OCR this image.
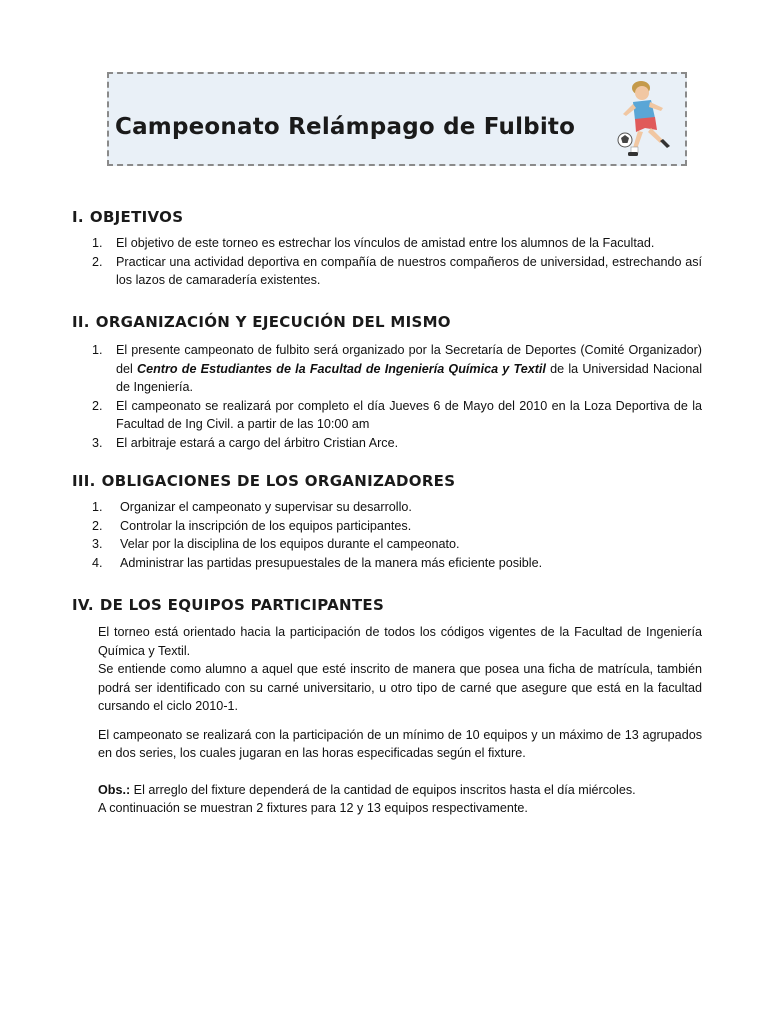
Campeonato Relámpago de Fulbito
I. OBJETIVOS
1. El objetivo de este torneo es estrechar los vínculos de amistad entre los alumnos de la Facultad.
2. Practicar una actividad deportiva en compañía de nuestros compañeros de universidad, estrechando así los lazos de camaradería existentes.
II. ORGANIZACIÓN Y EJECUCIÓN DEL MISMO
1. El presente campeonato de fulbito será organizado por la Secretaría de Deportes (Comité Organizador) del Centro de Estudiantes de la Facultad de Ingeniería Química y Textil de la Universidad Nacional de Ingeniería.
2. El campeonato se realizará por completo el día Jueves 6 de Mayo del 2010 en la Loza Deportiva de la Facultad de Ing Civil. a partir de las 10:00 am
3. El arbitraje estará a cargo del árbitro Cristian Arce.
III. OBLIGACIONES DE LOS ORGANIZADORES
1. Organizar el campeonato y supervisar su desarrollo.
2. Controlar la inscripción de los equipos participantes.
3. Velar por la disciplina de los equipos durante el campeonato.
4. Administrar las partidas presupuestales de la manera más eficiente posible.
IV. DE LOS EQUIPOS PARTICIPANTES

El torneo está orientado hacia la participación de todos los códigos vigentes de la Facultad de Ingeniería Química y Textil.

Se entiende como alumno a aquel que esté inscrito de manera que posea una ficha de matrícula, también podrá ser identificado con su carné universitario, u otro tipo de carné que asegure que está en la facultad cursando el ciclo 2010-1.

El campeonato se realizará con la participación de un mínimo de 10 equipos y un máximo de 13 agrupados en dos series, los cuales jugaran en las horas especificadas según el fixture.

Obs.: El arreglo del fixture dependerá de la cantidad de equipos inscritos hasta el día miércoles.

A continuación se muestran 2 fixtures para 12 y 13 equipos respectivamente.
